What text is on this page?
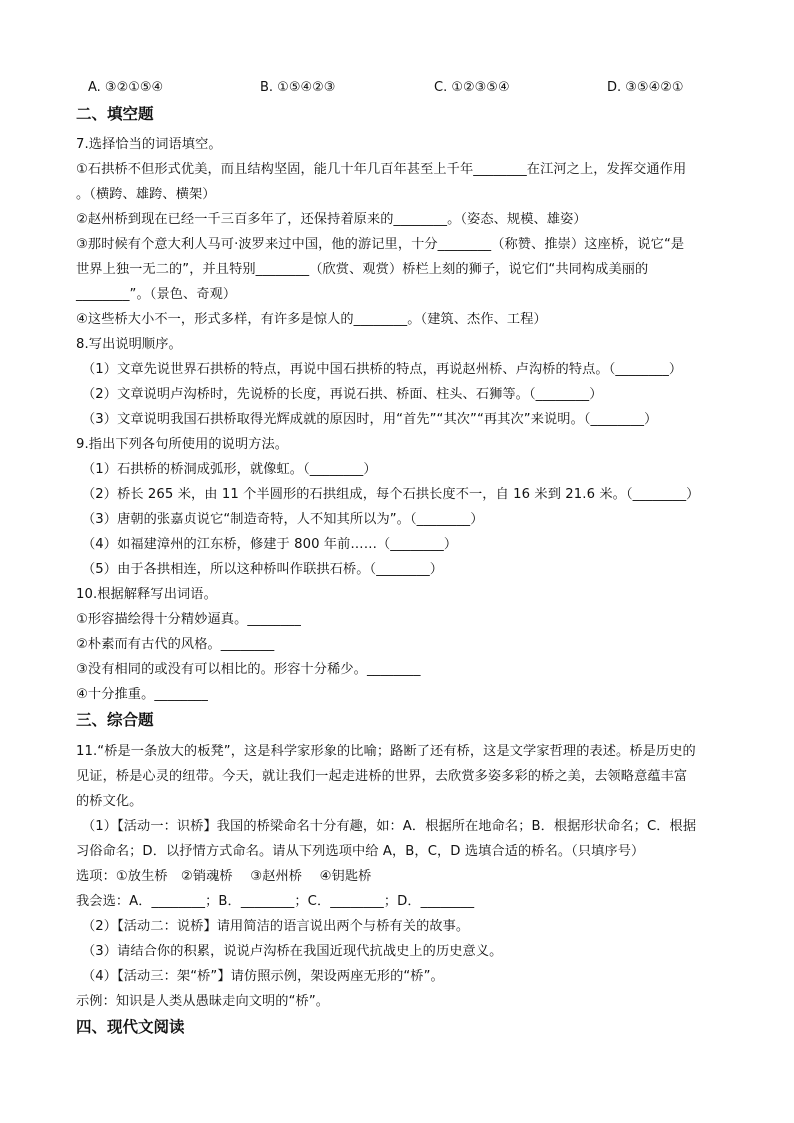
A. ③②①⑤④	B. ①⑤④②③	C. ①②③⑤④	D. ③⑤④②①
二、填空题
7.选择恰当的词语填空。
①石拱桥不但形式优美，而且结构坚固，能几十年几百年甚至上千年________在江河之上，发挥交通作用
。（横跨、雄跨、横架）
②赵州桥到现在已经一千三百多年了，还保持着原来的________。（姿态、规模、雄姿）
③那时候有个意大利人马可·波罗来过中国，他的游记里，十分________（称赞、推崇）这座桥，说它“是
世界上独一无二的”，并且特别________（欣赏、观赏）桥栏上刻的狮子，说它们“共同构成美丽的
________”。（景色、奇观）
④这些桥大小不一，形式多样，有许多是惊人的________。（建筑、杰作、工程）
8.写出说明顺序。
（1）文章先说世界石拱桥的特点，再说中国石拱桥的特点，再说赵州桥、卢沟桥的特点。（________）
（2）文章说明卢沟桥时，先说桥的长度，再说石拱、桥面、柱头、石狮等。（________）
（3）文章说明我国石拱桥取得光辉成就的原因时，用“首先”“其次”“再其次”来说明。（________）
9.指出下列各句所使用的说明方法。
（1）石拱桥的桥洞成弧形，就像虹。（________）
（2）桥长 265 米，由 11 个半圆形的石拱组成，每个石拱长度不一，自 16 米到 21.6 米。（________）
（3）唐朝的张嘉贞说它“制造奇特，人不知其所以为”。（________）
（4）如福建漳州的江东桥，修建于 800 年前……（________）
（5）由于各拱相连，所以这种桥叫作联拱石桥。（________）
10.根据解释写出词语。
①形容描绘得十分精妙逼真。________
②朴素而有古代的风格。________
③没有相同的或没有可以相比的。形容十分稀少。________
④十分推重。________
三、综合题
11.“桥是一条放大的板凳”，这是科学家形象的比喻；路断了还有桥，这是文学家哲理的表述。桥是历史的
见证，桥是心灵的纽带。今天，就让我们一起走进桥的世界，去欣赏多姿多彩的桥之美，去领略意蕴丰富
的桥文化。
（1）【活动一：识桥】我国的桥梁命名十分有趣，如：A．根据所在地命名；B．根据形状命名；C．根据
习俗命名；D．以抒情方式命名。请从下列选项中给 A，B，C，D 选填合适的桥名。（只填序号）
选项：①放生桥　②销魂桥　 ③赵州桥　 ④钥匙桥
我会选：A．________；B．________；C．________；D．________
（2）【活动二：说桥】请用简洁的语言说出两个与桥有关的故事。
（3）请结合你的积累，说说卢沟桥在我国近现代抗战史上的历史意义。
（4）【活动三：架“桥”】请仿照示例，架设两座无形的“桥”。
示例：知识是人类从愚昧走向文明的“桥”。
四、现代文阅读
